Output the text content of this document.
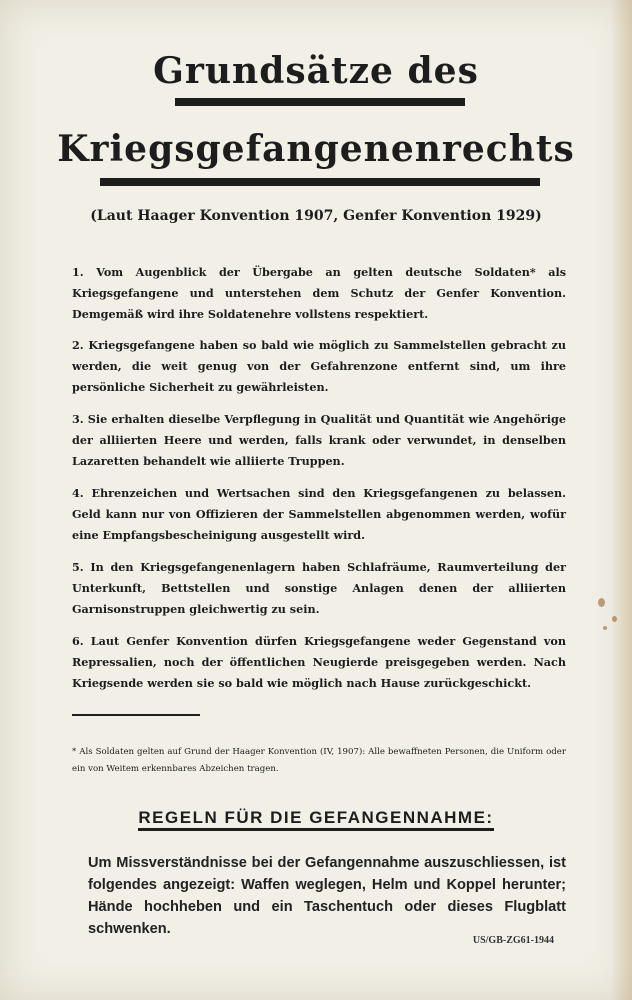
Grundsätze des
Kriegsgefangenenrechts
(Laut Haager Konvention 1907, Genfer Konvention 1929)
1. Vom Augenblick der Übergabe an gelten deutsche Soldaten* als Kriegsgefangene und unterstehen dem Schutz der Genfer Konvention. Demgemäß wird ihre Soldatenehre vollstens respektiert.
2. Kriegsgefangene haben so bald wie möglich zu Sammelstellen gebracht zu werden, die weit genug von der Gefahrenzone entfernt sind, um ihre persönliche Sicherheit zu gewährleisten.
3. Sie erhalten dieselbe Verpflegung in Qualität und Quantität wie Angehörige der alliierten Heere und werden, falls krank oder verwundet, in denselben Lazaretten behandelt wie alliierte Truppen.
4. Ehrenzeichen und Wertsachen sind den Kriegsgefangenen zu belassen. Geld kann nur von Offizieren der Sammelstellen abgenommen werden, wofür eine Empfangsbescheinigung ausgestellt wird.
5. In den Kriegsgefangenenlagern haben Schlafräume, Raumverteilung der Unterkunft, Bettstellen und sonstige Anlagen denen der alliierten Garnisonstruppen gleichwertig zu sein.
6. Laut Genfer Konvention dürfen Kriegsgefangene weder Gegenstand von Repressalien, noch der öffentlichen Neugierde preisgegeben werden. Nach Kriegsende werden sie so bald wie möglich nach Hause zurückgeschickt.
* Als Soldaten gelten auf Grund der Haager Konvention (IV, 1907): Alle bewaffneten Personen, die Uniform oder ein von Weitem erkennbares Abzeichen tragen.
REGELN FÜR DIE GEFANGENNAHME:
Um Missverständnisse bei der Gefangennahme auszuschliessen, ist folgendes angezeigt: Waffen weglegen, Helm und Koppel herunter; Hände hochheben und ein Taschentuch oder dieses Flugblatt schwenken.
US/GB-ZG61-1944
